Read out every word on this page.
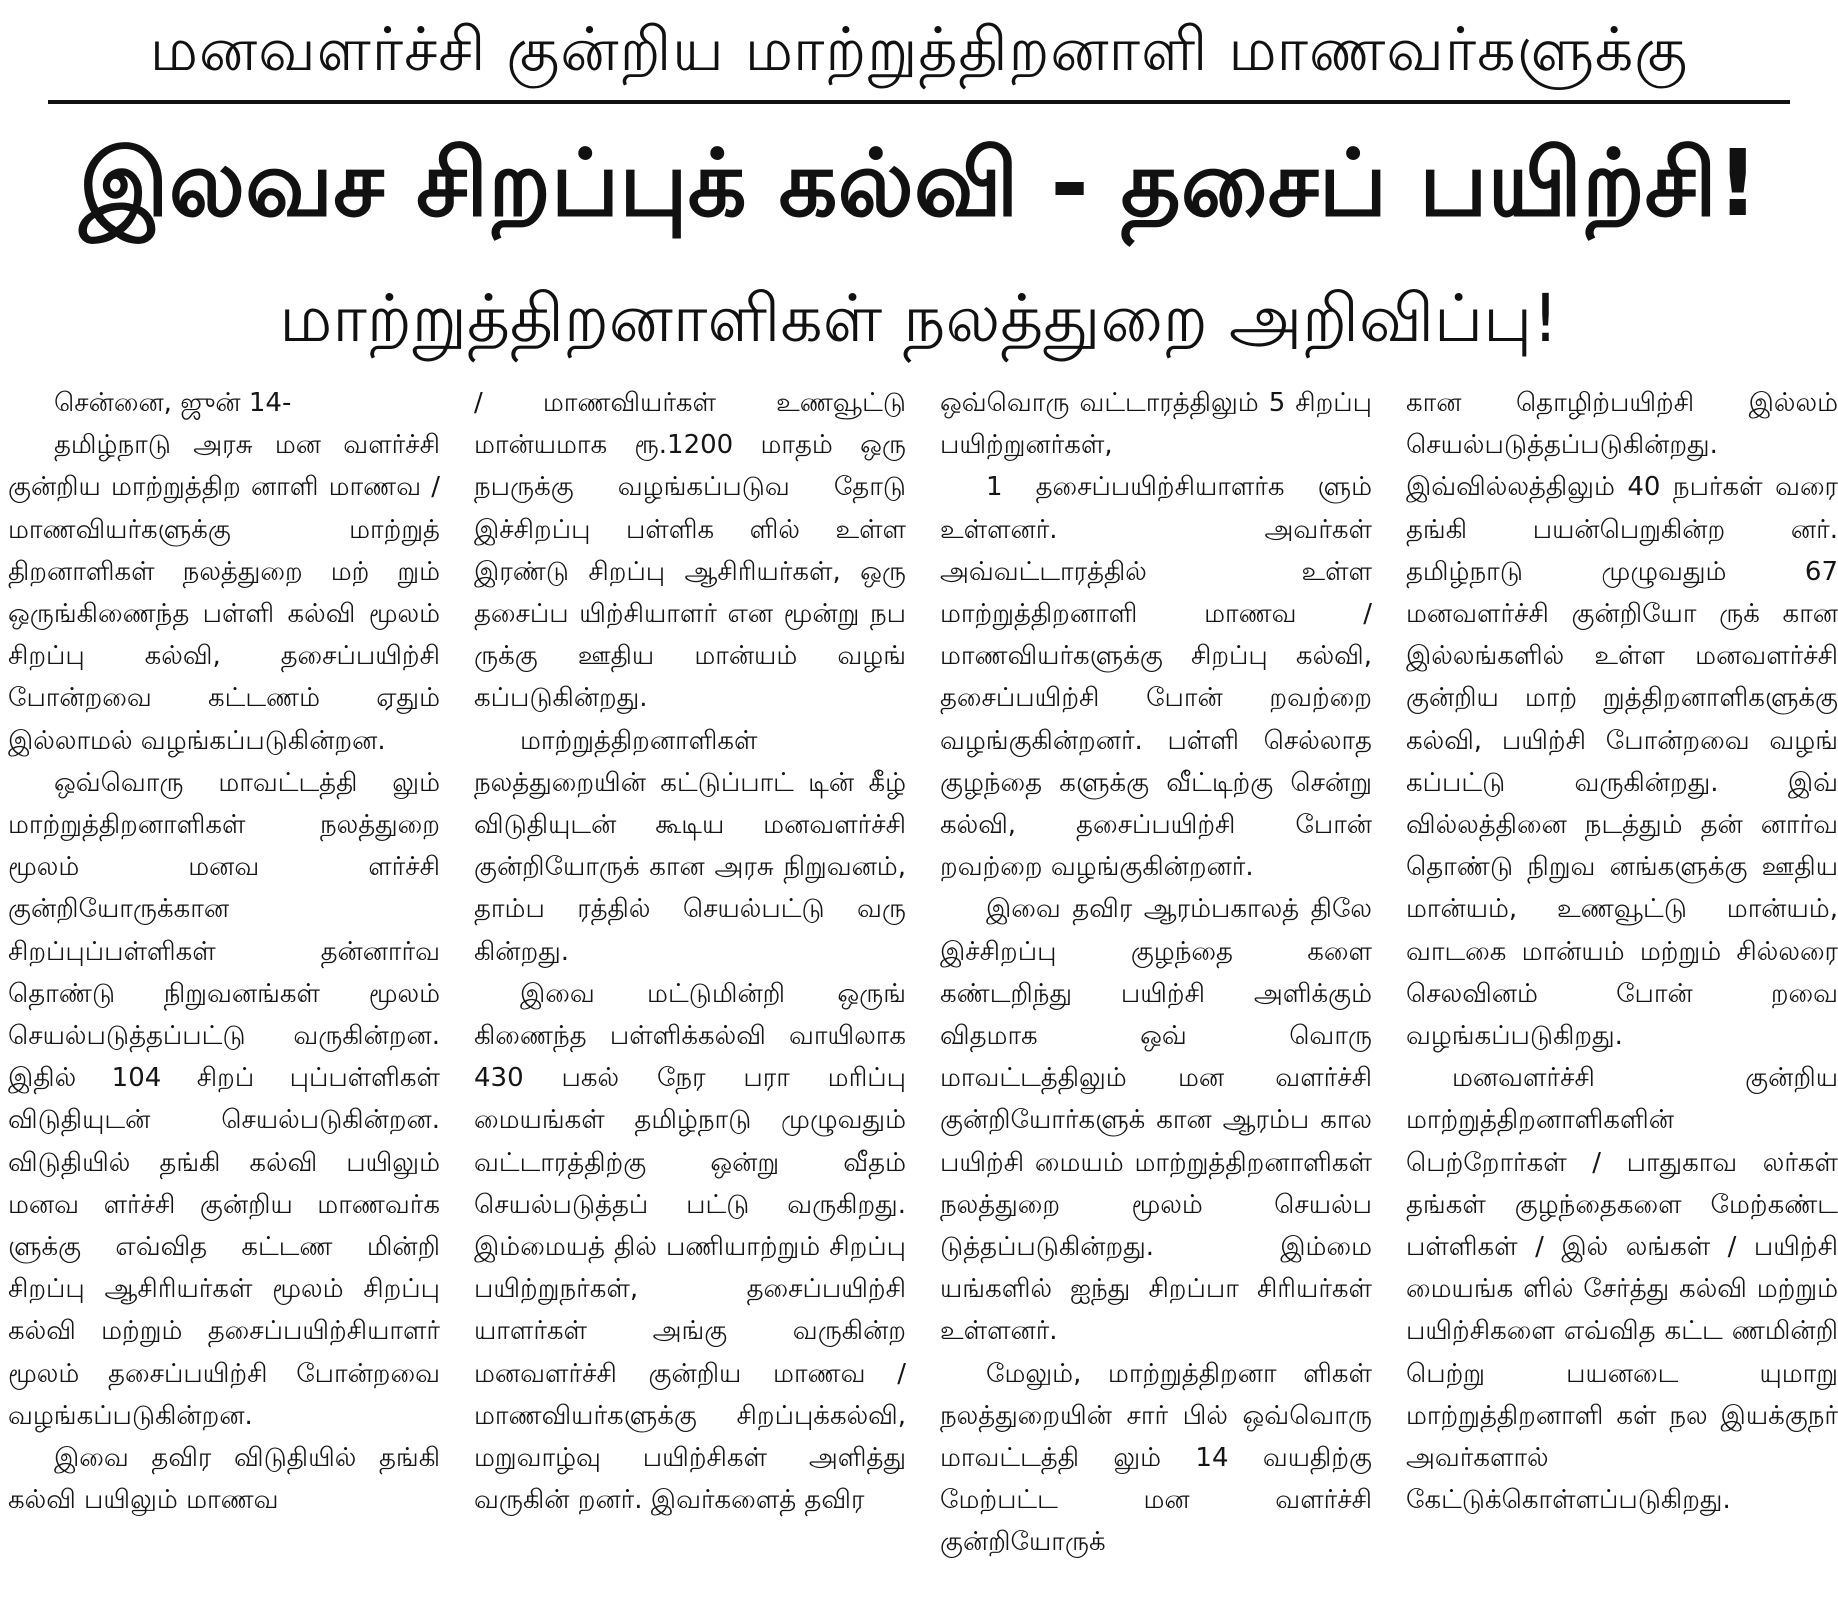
மனவளர்ச்சி குன்றிய மாற்றுத்திறனாளி மாணவர்களுக்கு
இலவச சிறப்புக் கல்வி - தசைப் பயிற்சி!
மாற்றுத்திறனாளிகள் நலத்துறை அறிவிப்பு!

சென்னை, ஜுன் 14-

தமிழ்நாடு அரசு மன வளர்ச்சி குன்றிய மாற்றுத்திற னாளி மாணவ / மாணவியர்களுக்கு மாற்றுத் திறனாளிகள் நலத்துறை மற் றும் ஒருங்கிணைந்த பள்ளி கல்வி மூலம் சிறப்பு கல்வி, தசைப்பயிற்சி போன்றவை கட்டணம் ஏதும் இல்லாமல் வழங்கப்படுகின்றன.

ஒவ்வொரு மாவட்டத்தி லும் மாற்றுத்திறனாளிகள் நலத்துறை மூலம் மனவ ளர்ச்சி குன்றியோருக்கான சிறப்புப்பள்ளிகள் தன்னார்வ தொண்டு நிறுவனங்கள் மூலம் செயல்படுத்தப்பட்டு வருகின்றன. இதில் 104 சிறப் புப்பள்ளிகள் விடுதியுடன் செயல்படுகின்றன. விடுதியில் தங்கி கல்வி பயிலும் மனவ ளர்ச்சி குன்றிய மாணவர்க ளுக்கு எவ்வித கட்டண மின்றி சிறப்பு ஆசிரியர்கள் மூலம் சிறப்பு கல்வி மற்றும் தசைப்பயிற்சியாளர் மூலம் தசைப்பயிற்சி போன்றவை வழங்கப்படுகின்றன.

இவை தவிர விடுதியில் தங்கி கல்வி பயிலும் மாணவ

/ மாணவியர்கள் உணவூட்டு மான்யமாக ரூ.1200 மாதம் ஒரு நபருக்கு வழங்கப்படுவ தோடு இச்சிறப்பு பள்ளிக ளில் உள்ள இரண்டு சிறப்பு ஆசிரியர்கள், ஒரு தசைப்ப யிற்சியாளர் என மூன்று நப ருக்கு ஊதிய மான்யம் வழங் கப்படுகின்றது.

மாற்றுத்திறனாளிகள் நலத்துறையின் கட்டுப்பாட் டின் கீழ் விடுதியுடன் கூடிய மனவளர்ச்சி குன்றியோருக் கான அரசு நிறுவனம், தாம்ப ரத்தில் செயல்பட்டு வரு கின்றது.

இவை மட்டுமின்றி ஒருங் கிணைந்த பள்ளிக்கல்வி வாயிலாக 430 பகல் நேர பரா மரிப்பு மையங்கள் தமிழ்நாடு முழுவதும் வட்டாரத்திற்கு ஒன்று வீதம் செயல்படுத்தப் பட்டு வருகிறது. இம்மையத் தில் பணியாற்றும் சிறப்பு பயிற்றுநர்கள், தசைப்பயிற்சி யாளர்கள் அங்கு வருகின்ற மனவளர்ச்சி குன்றிய மாணவ / மாணவியர்களுக்கு சிறப்புக்கல்வி, மறுவாழ்வு பயிற்சிகள் அளித்து வருகின் றனர். இவர்களைத் தவிர

ஒவ்வொரு வட்டாரத்திலும் 5 சிறப்பு பயிற்றுனர்கள்,

1 தசைப்பயிற்சியாளர்க ளும் உள்ளனர். அவர்கள் அவ்வட்டாரத்தில் உள்ள மாற்றுத்திறனாளி மாணவ / மாணவியர்களுக்கு சிறப்பு கல்வி, தசைப்பயிற்சி போன் றவற்றை வழங்குகின்றனர். பள்ளி செல்லாத குழந்தை களுக்கு வீட்டிற்கு சென்று கல்வி, தசைப்பயிற்சி போன் றவற்றை வழங்குகின்றனர்.

இவை தவிர ஆரம்பகாலத் திலே இச்சிறப்பு குழந்தை களை கண்டறிந்து பயிற்சி அளிக்கும் விதமாக ஒவ் வொரு மாவட்டத்திலும் மன வளர்ச்சி குன்றியோர்களுக் கான ஆரம்ப கால பயிற்சி மையம் மாற்றுத்திறனாளிகள் நலத்துறை மூலம் செயல்ப டுத்தப்படுகின்றது. இம்மை யங்களில் ஐந்து சிறப்பா சிரியர்கள் உள்ளனர்.

மேலும், மாற்றுத்திறனா ளிகள் நலத்துறையின் சார் பில் ஒவ்வொரு மாவட்டத்தி லும் 14 வயதிற்கு மேற்பட்ட மன வளர்ச்சி குன்றியோருக்

கான தொழிற்பயிற்சி இல்லம் செயல்படுத்தப்படுகின்றது. இவ்வில்லத்திலும் 40 நபர்கள் வரை தங்கி பயன்பெறுகின்ற னர். தமிழ்நாடு முழுவதும் 67 மனவளர்ச்சி குன்றியோ ருக் கான இல்லங்களில் உள்ள மனவளர்ச்சி குன்றிய மாற் றுத்திறனாளிகளுக்கு கல்வி, பயிற்சி போன்றவை வழங் கப்பட்டு வருகின்றது. இவ் வில்லத்தினை நடத்தும் தன் னார்வ தொண்டு நிறுவ னங்களுக்கு ஊதிய மான்யம், உணவூட்டு மான்யம், வாடகை மான்யம் மற்றும் சில்லரை செலவினம் போன் றவை வழங்கப்படுகிறது.

மனவளர்ச்சி குன்றிய மாற்றுத்திறனாளிகளின் பெற்றோர்கள் / பாதுகாவ லர்கள் தங்கள் குழந்தைகளை மேற்கண்ட பள்ளிகள் / இல் லங்கள் / பயிற்சி மையங்க ளில் சேர்த்து கல்வி மற்றும் பயிற்சிகளை எவ்வித கட்ட ணமின்றி பெற்று பயனடை யுமாறு மாற்றுத்திறனாளி கள் நல இயக்குநர் அவர்களால் கேட்டுக்கொள்ளப்படுகிறது.
